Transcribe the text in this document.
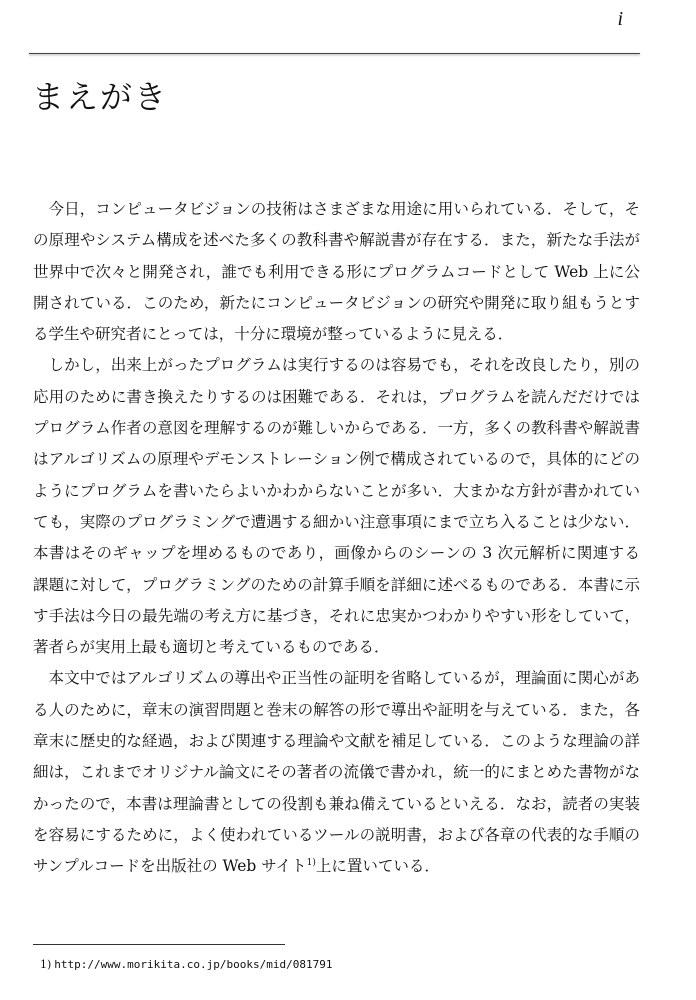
i
まえがき

今日，コンピュータビジョンの技術はさまざまな用途に用いられている．そして，その原理やシステム構成を述べた多くの教科書や解説書が存在する．また，新たな手法が世界中で次々と開発され，誰でも利用できる形にプログラムコードとして Web 上に公開されている．このため，新たにコンピュータビジョンの研究や開発に取り組もうとする学生や研究者にとっては，十分に環境が整っているように見える．

しかし，出来上がったプログラムは実行するのは容易でも，それを改良したり，別の応用のために書き換えたりするのは困難である．それは，プログラムを読んだだけではプログラム作者の意図を理解するのが難しいからである．一方，多くの教科書や解説書はアルゴリズムの原理やデモンストレーション例で構成されているので，具体的にどのようにプログラムを書いたらよいかわからないことが多い．大まかな方針が書かれていても，実際のプログラミングで遭遇する細かい注意事項にまで立ち入ることは少ない．本書はそのギャップを埋めるものであり，画像からのシーンの 3 次元解析に関連する課題に対して，プログラミングのための計算手順を詳細に述べるものである．本書に示す手法は今日の最先端の考え方に基づき，それに忠実かつわかりやすい形をしていて，著者らが実用上最も適切と考えているものである．

本文中ではアルゴリズムの導出や正当性の証明を省略しているが，理論面に関心がある人のために，章末の演習問題と巻末の解答の形で導出や証明を与えている．また，各章末に歴史的な経過，および関連する理論や文献を補足している．このような理論の詳細は，これまでオリジナル論文にその著者の流儀で書かれ，統一的にまとめた書物がなかったので，本書は理論書としての役割も兼ね備えているといえる．なお，読者の実装を容易にするために，よく使われているツールの説明書，および各章の代表的な手順のサンプルコードを出版社の Web サイト$^{1)}$上に置いている．

1) http://www.morikita.co.jp/books/mid/081791
